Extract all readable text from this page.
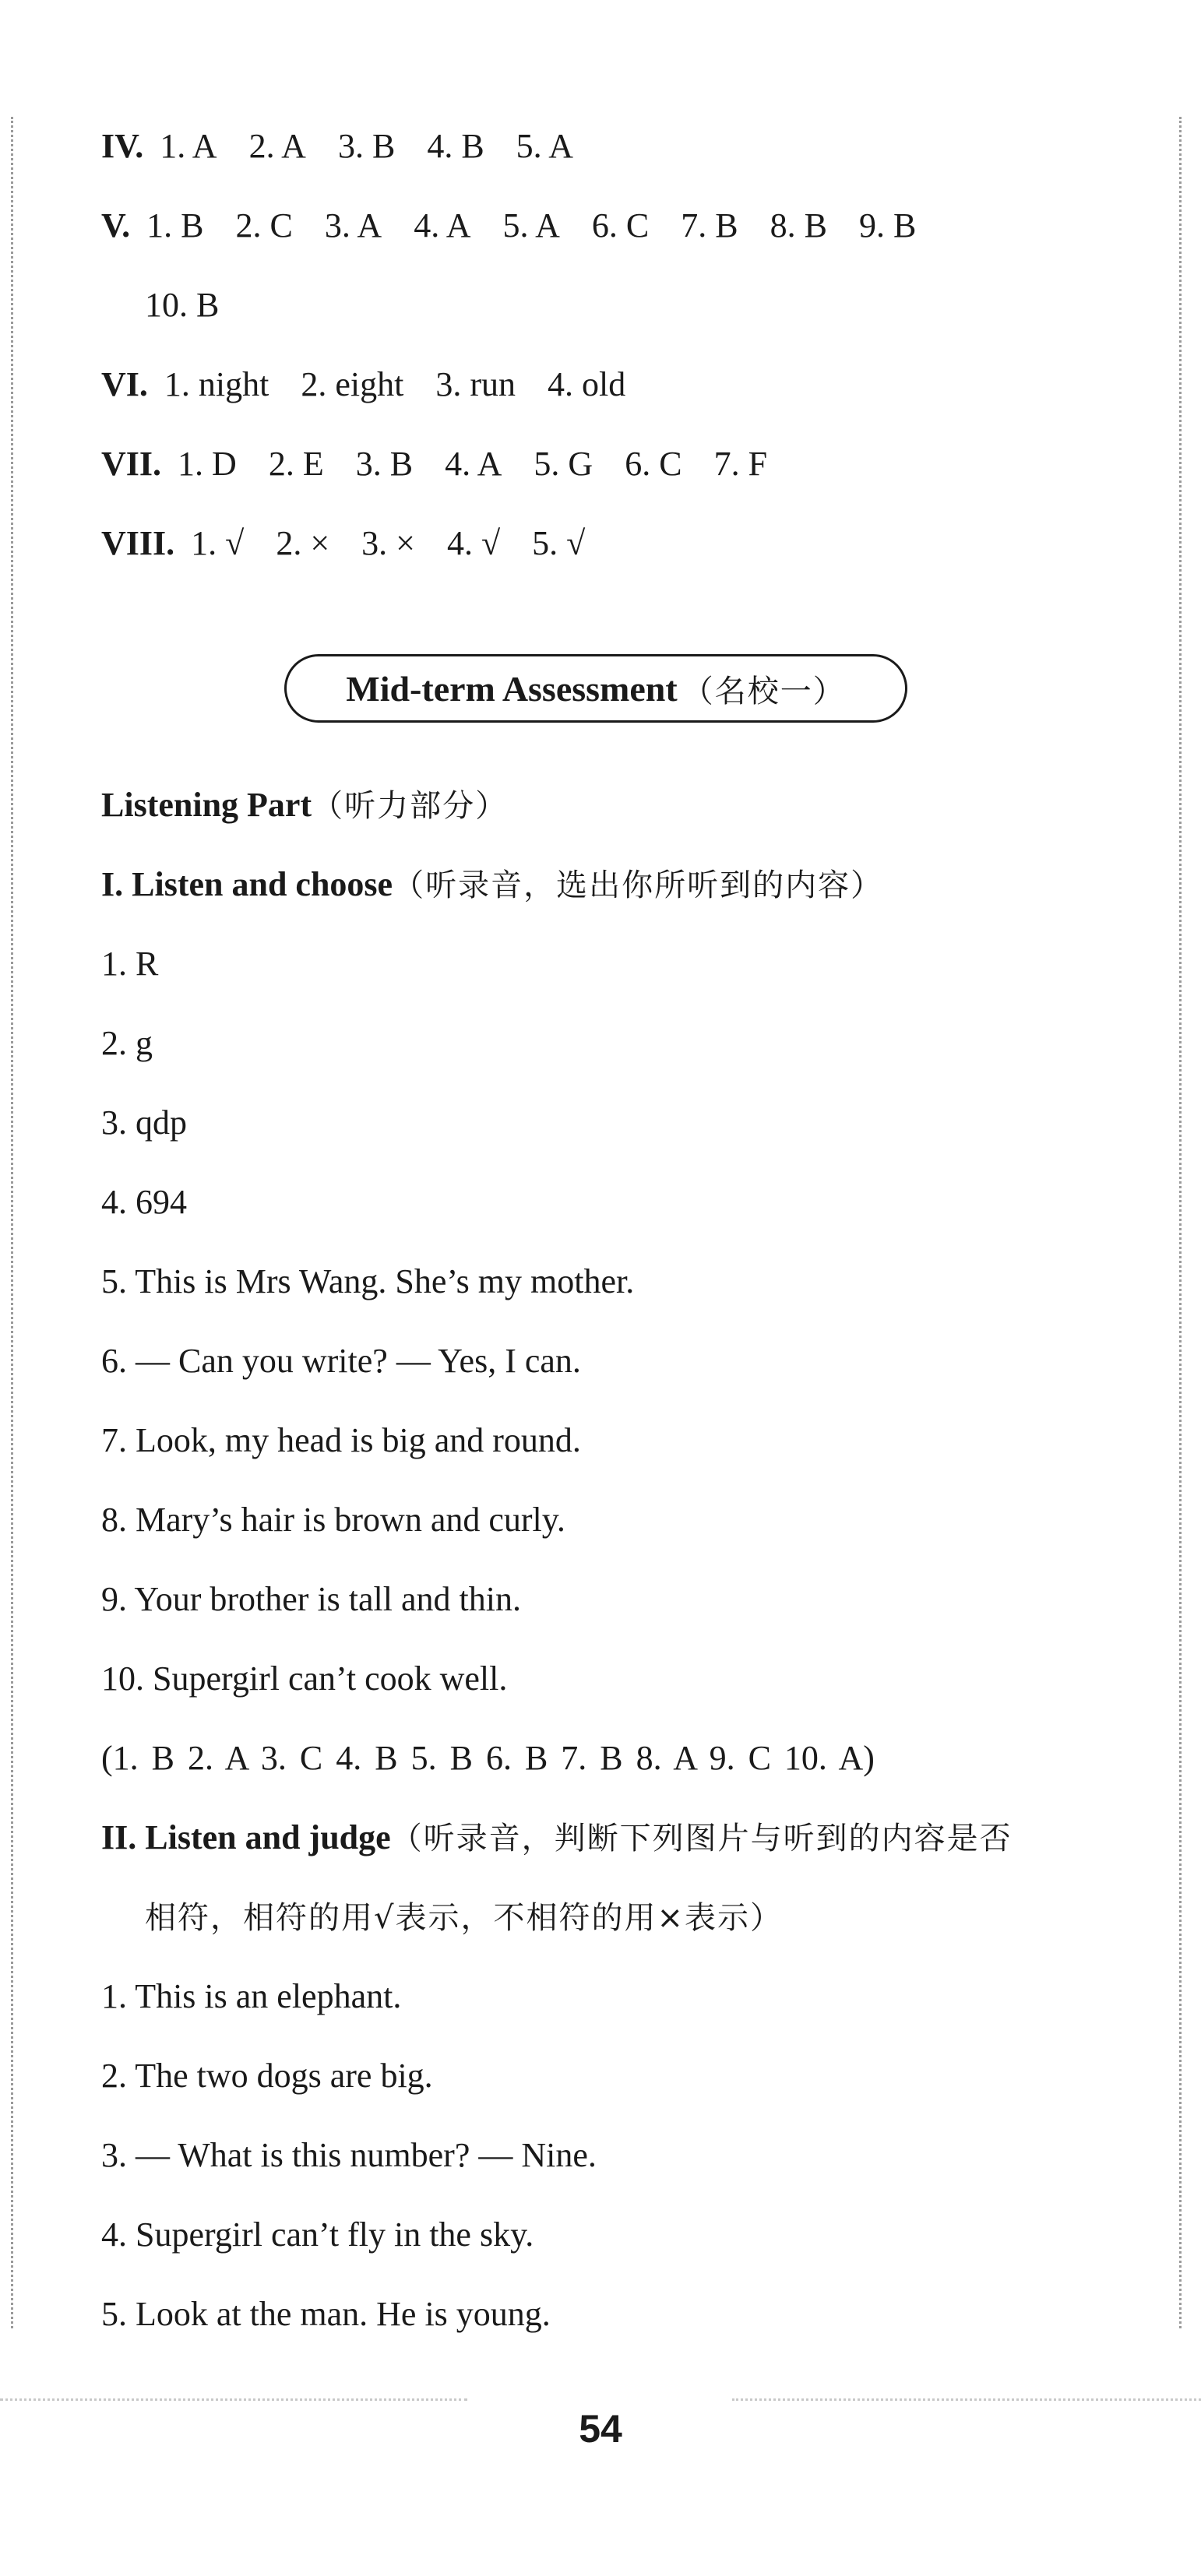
IV. 1. A 2. A 3. B 4. B 5. A
V. 1. B 2. C 3. A 4. A 5. A 6. C 7. B 8. B 9. B
10. B
VI. 1. night 2. eight 3. run 4. old
VII. 1. D 2. E 3. B 4. A 5. G 6. C 7. F
VIII. 1. √ 2. × 3. × 4. √ 5. √
Mid-term Assessment （名校一）
Listening Part（听力部分）
I. Listen and choose（听录音，选出你所听到的内容）
1. R
2. g
3. qdp
4. 694
5. This is Mrs Wang. She’s my mother.
6. — Can you write? — Yes, I can.
7. Look, my head is big and round.
8. Mary’s hair is brown and curly.
9. Your brother is tall and thin.
10. Supergirl can’t cook well.
(1. B 2. A 3. C 4. B 5. B 6. B 7. B 8. A 9. C 10. A)
II. Listen and judge（听录音，判断下列图片与听到的内容是否
相符，相符的用√表示，不相符的用×表示）
1. This is an elephant.
2. The two dogs are big.
3. — What is this number? — Nine.
4. Supergirl can’t fly in the sky.
5. Look at the man. He is young.
54
